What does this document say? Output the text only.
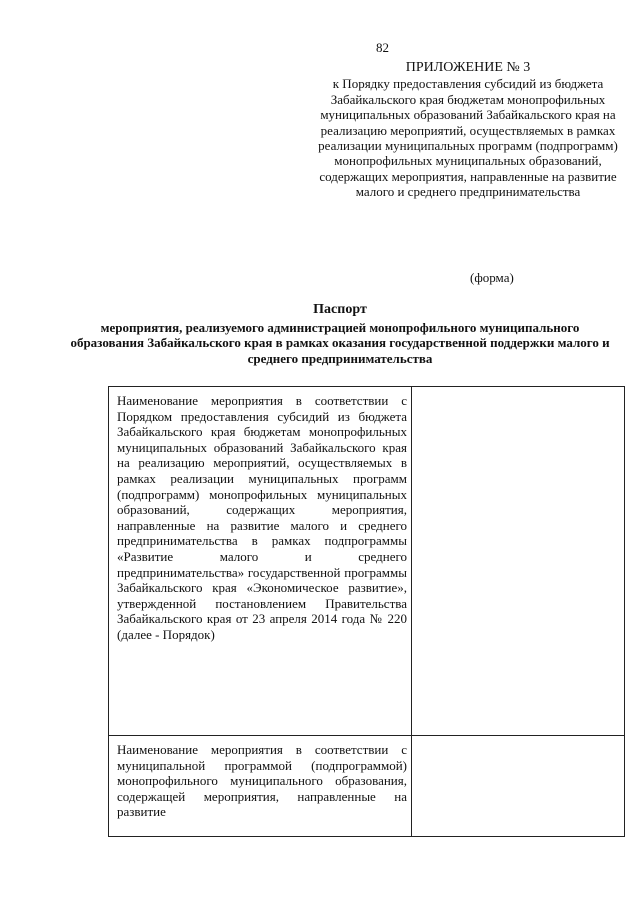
82
ПРИЛОЖЕНИЕ № 3
к Порядку предоставления субсидий из бюджета Забайкальского края бюджетам монопрофильных муниципальных образований Забайкальского края на реализацию мероприятий, осуществляемых в рамках реализации муниципальных программ (подпрограмм) монопрофильных муниципальных образований, содержащих мероприятия, направленные на развитие малого и среднего предпринимательства
(форма)
Паспорт
мероприятия, реализуемого администрацией монопрофильного муниципального образования Забайкальского края в рамках оказания государственной поддержки малого и среднего предпринимательства
Наименование мероприятия в соответствии с Порядком предоставления субсидий из бюджета Забайкальского края бюджетам монопрофильных муниципальных образований Забайкальского края на реализацию мероприятий, осуществляемых в рамках реализации муниципальных программ (подпрограмм) монопрофильных муниципальных образований, содержащих мероприятия, направленные на развитие малого и среднего предпринимательства в рамках подпрограммы «Развитие малого и среднего предпринимательства» государственной программы Забайкальского края «Экономическое развитие», утвержденной постановлением Правительства Забайкальского края от 23 апреля 2014 года № 220 (далее - Порядок)	
Наименование мероприятия в соответствии с муниципальной программой (подпрограммой) монопрофильного муниципального образования, содержащей мероприятия, направленные на развитие	
